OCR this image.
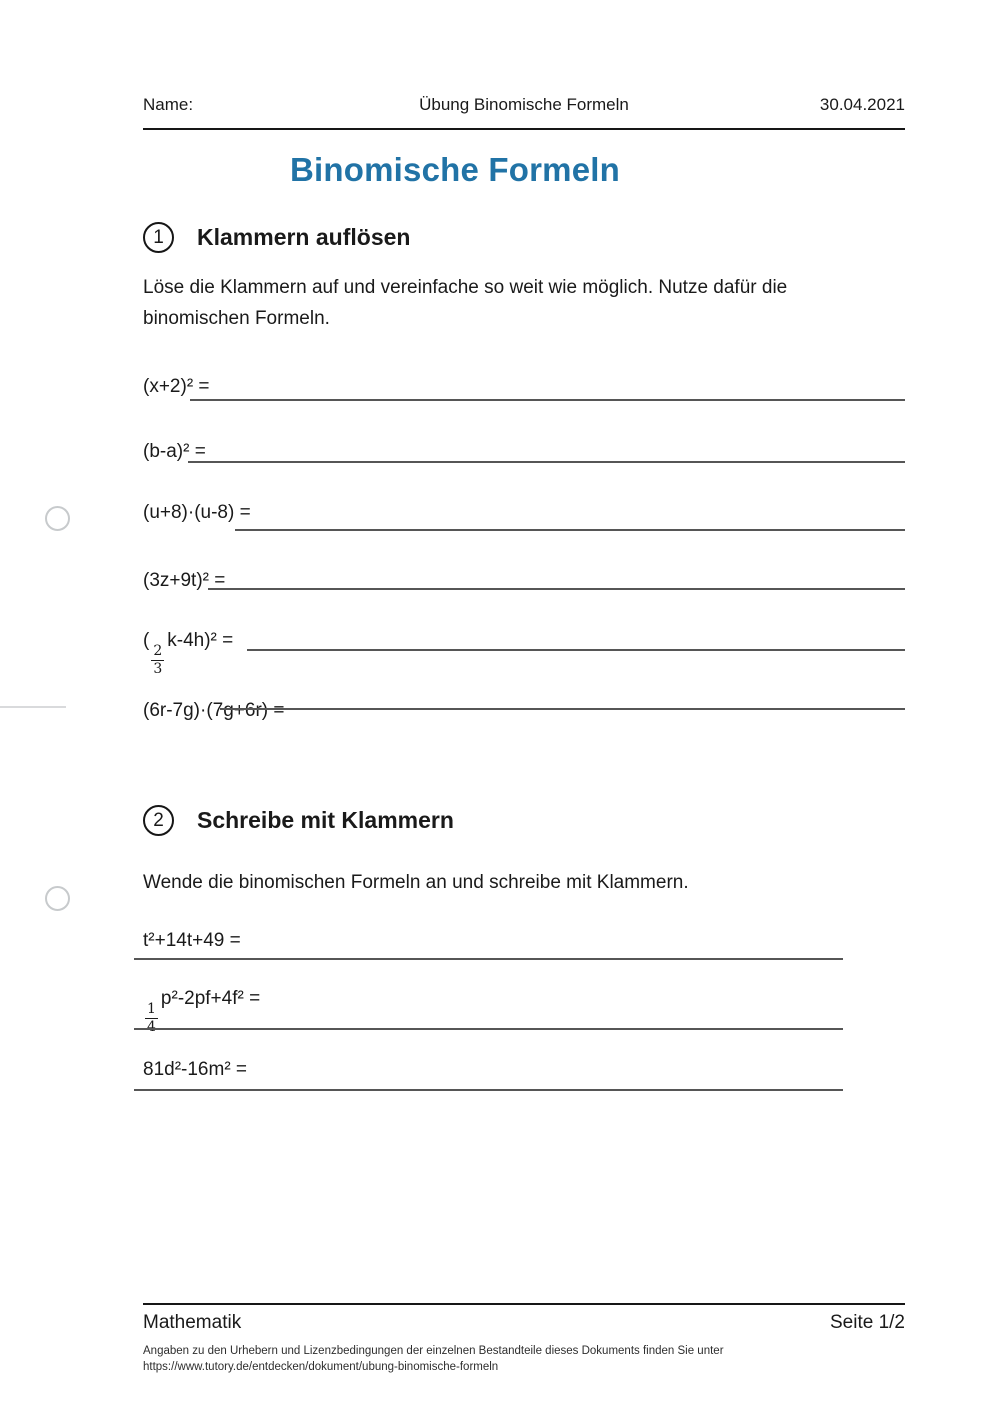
Name:	Übung Binomische Formeln	30.04.2021
Binomische Formeln
1	Klammern auflösen
Löse die Klammern auf und vereinfache so weit wie möglich. Nutze dafür die binomischen Formeln.
(x+2)² =
(b-a)² =
(u+8)·(u-8) =
(3z+9t)² =
(
$\frac{2}{3}$
k-4h)² =
(6r-7g)·(7g+6r) =
2	Schreibe mit Klammern
Wende die binomischen Formeln an und schreibe mit Klammern.
t²+14t+49 =
$\frac{1}{4}$
p²-2pf+4f² =
81d²-16m² =
Mathematik	Seite 1/2
Angaben zu den Urhebern und Lizenzbedingungen der einzelnen Bestandteile dieses Dokuments finden Sie unter
https://www.tutory.de/entdecken/dokument/ubung-binomische-formeln
